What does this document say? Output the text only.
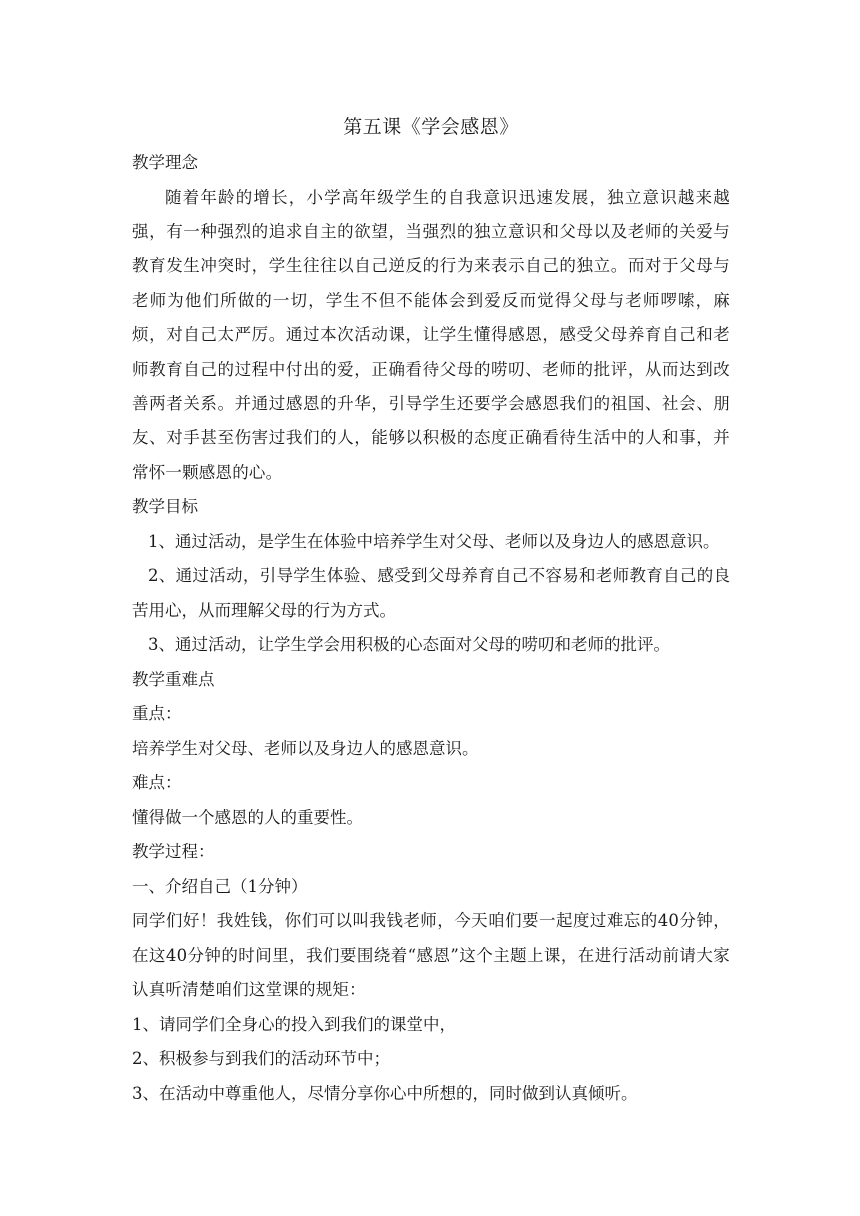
第五课《学会感恩》

教学理念

随着年龄的增长，小学高年级学生的自我意识迅速发展，独立意识越来越强，有一种强烈的追求自主的欲望，当强烈的独立意识和父母以及老师的关爱与教育发生冲突时，学生往往以自己逆反的行为来表示自己的独立。而对于父母与老师为他们所做的一切，学生不但不能体会到爱反而觉得父母与老师啰嗦，麻烦，对自己太严厉。通过本次活动课，让学生懂得感恩，感受父母养育自己和老师教育自己的过程中付出的爱，正确看待父母的唠叨、老师的批评，从而达到改善两者关系。并通过感恩的升华，引导学生还要学会感恩我们的祖国、社会、朋友、对手甚至伤害过我们的人，能够以积极的态度正确看待生活中的人和事，并常怀一颗感恩的心。

教学目标

1、通过活动，是学生在体验中培养学生对父母、老师以及身边人的感恩意识。

2、通过活动，引导学生体验、感受到父母养育自己不容易和老师教育自己的良苦用心，从而理解父母的行为方式。

3、通过活动，让学生学会用积极的心态面对父母的唠叨和老师的批评。

教学重难点

重点：

培养学生对父母、老师以及身边人的感恩意识。

难点：

懂得做一个感恩的人的重要性。

教学过程：

一、介绍自己（1分钟）

同学们好！我姓钱，你们可以叫我钱老师，今天咱们要一起度过难忘的40分钟，在这40分钟的时间里，我们要围绕着“感恩”这个主题上课，在进行活动前请大家认真听清楚咱们这堂课的规矩：

1、请同学们全身心的投入到我们的课堂中，

2、积极参与到我们的活动环节中；

3、在活动中尊重他人，尽情分享你心中所想的，同时做到认真倾听。
